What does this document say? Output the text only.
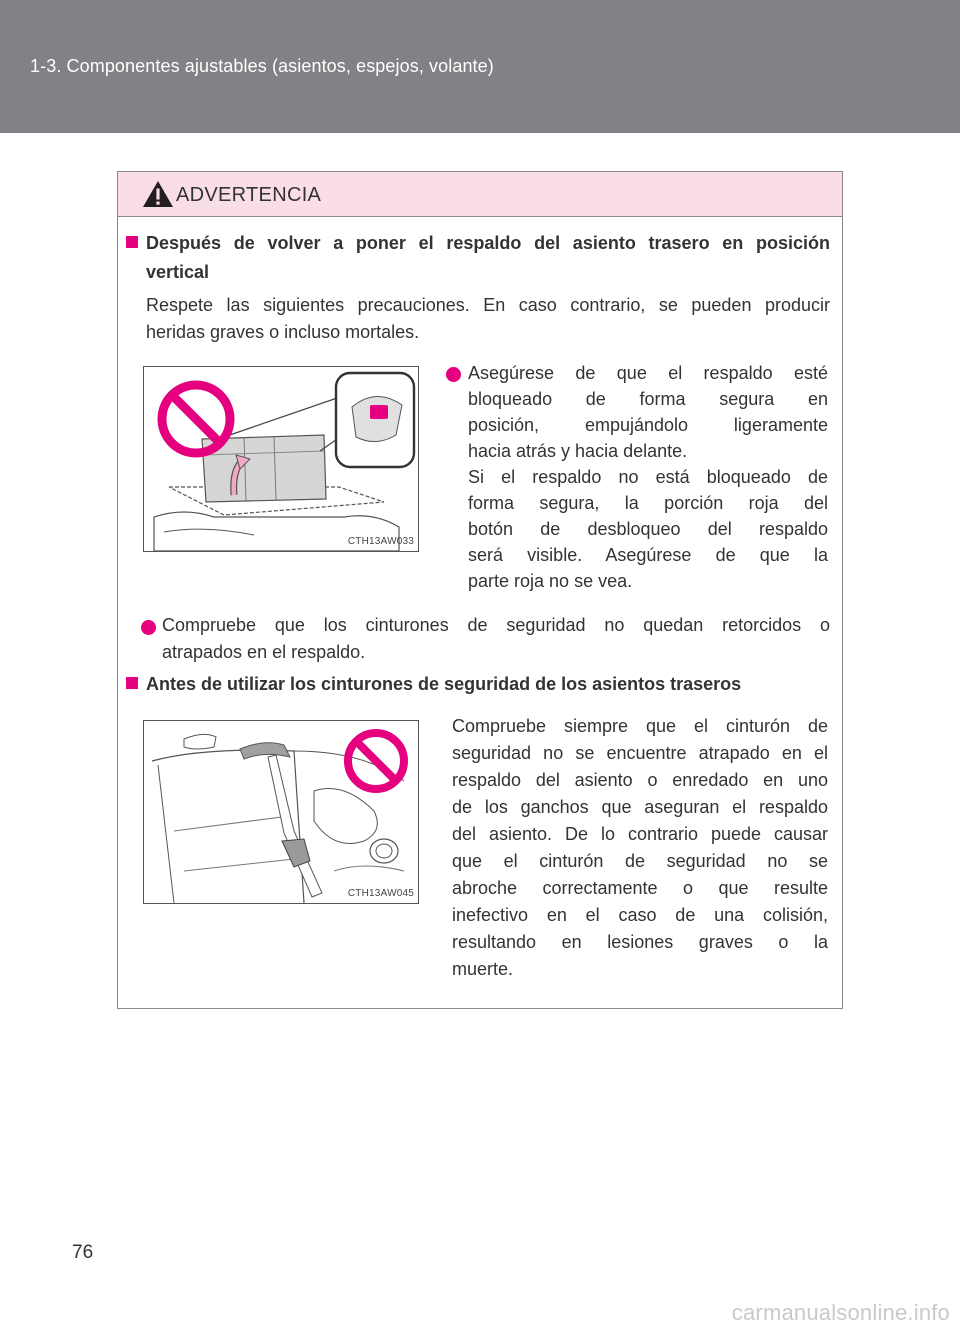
1-3. Componentes ajustables (asientos, espejos, volante)
ADVERTENCIA
Después de volver a poner el respaldo del asiento trasero en posición
vertical
Respete las siguientes precauciones. En caso contrario, se pueden producir
heridas graves o incluso mortales.
CTH13AW033
Asegúrese de que el respaldo esté
bloqueado de forma segura en
posición, empujándolo ligeramente
hacia atrás y hacia delante.
Si el respaldo no está bloqueado de
forma segura, la porción roja del
botón de desbloqueo del respaldo
será visible. Asegúrese de que la
parte roja no se vea.
Compruebe que los cinturones de seguridad no quedan retorcidos o
atrapados en el respaldo.
Antes de utilizar los cinturones de seguridad de los asientos traseros
CTH13AW045
Compruebe siempre que el cinturón de
seguridad no se encuentre atrapado en el
respaldo del asiento o enredado en uno
de los ganchos que aseguran el respaldo
del asiento. De lo contrario puede causar
que el cinturón de seguridad no se
abroche correctamente o que resulte
inefectivo en el caso de una colisión,
resultando en lesiones graves o la
muerte.
76
carmanualsonline.info
